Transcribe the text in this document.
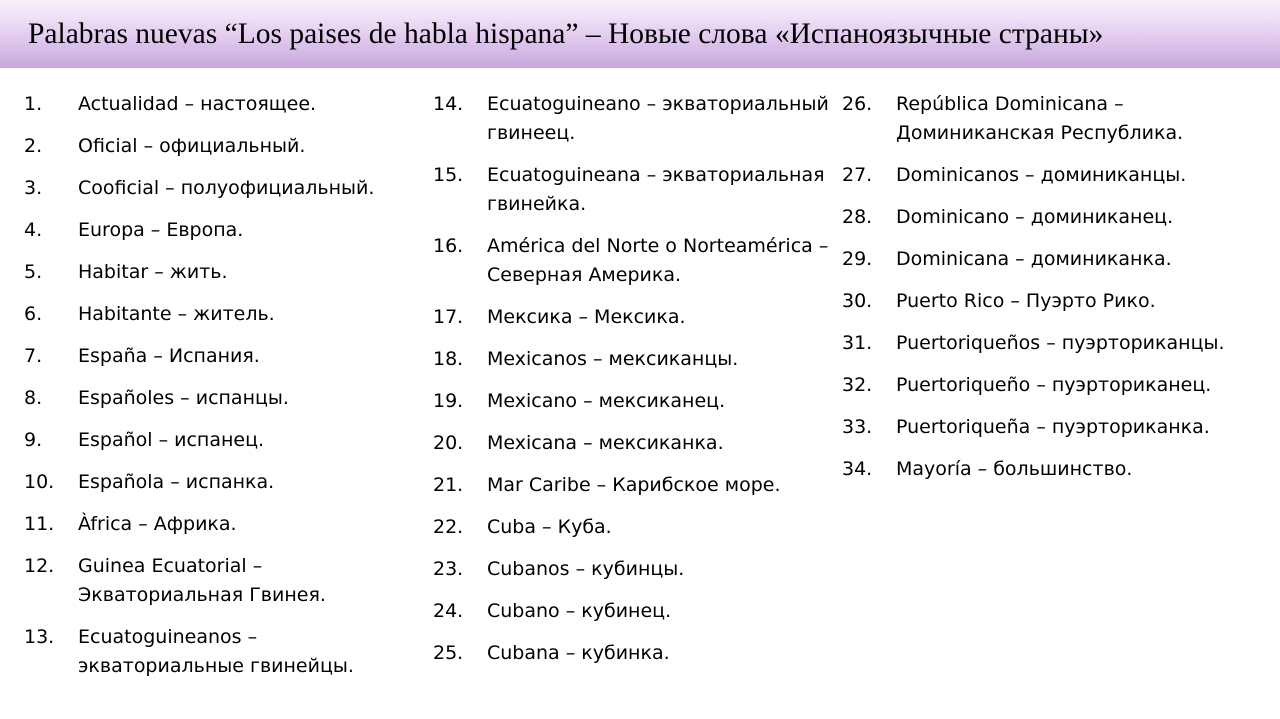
Palabras nuevas “Los paises de habla hispana” – Новые слова «Испаноязычные страны»
1.	Actualidad – настоящее.
2.	Oficial – официальный.
3.	Cooficial – полуофициальный.
4.	Europa – Европа.
5.	Habitar – жить.
6.	Habitante – житель.
7.	España – Испания.
8.	Españoles – испанцы.
9.	Español – испанец.
10.	Española – испанка.
11.	Àfrica – Африка.
12.	Guinea Ecuatorial – Экваториальная Гвинея.
13.	Ecuatoguineanos – экваториальные гвинейцы.
14.	Ecuatoguineano – экваториальный гвинеец.
15.	Ecuatoguineana – экваториальная гвинейка.
16.	América del Norte o Norteamérica – Северная Америка.
17.	Мексика – Мексика.
18.	Mexicanos – мексиканцы.
19.	Mexicano – мексиканец.
20.	Mexicana – мексиканка.
21.	Mar Caribe – Карибское море.
22.	Cuba – Куба.
23.	Cubanos – кубинцы.
24.	Cubano – кубинец.
25.	Cubana – кубинка.
26.	República Dominicana – Доминиканская Республика.
27.	Dominicanos – доминиканцы.
28.	Dominicano – доминиканец.
29.	Dominicana – доминиканка.
30.	Puerto Rico – Пуэрто Рико.
31.	Puertoriqueños – пуэрториканцы.
32.	Puertoriqueño – пуэрториканец.
33.	Puertoriqueña – пуэрториканка.
34.	Mayoría – большинство.
